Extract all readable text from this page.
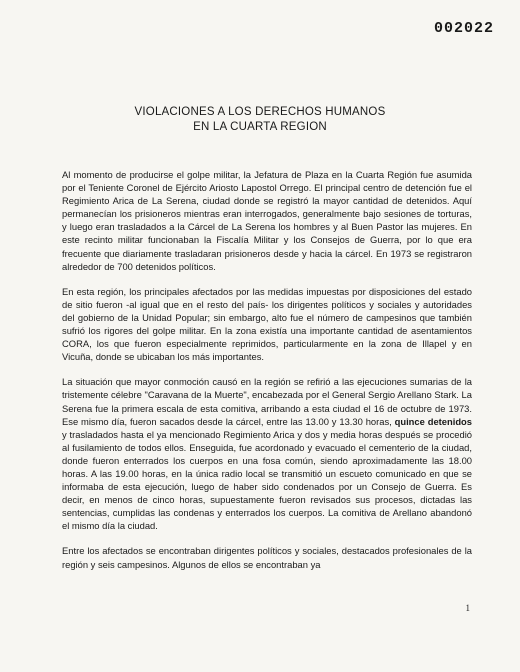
002022
VIOLACIONES A LOS DERECHOS HUMANOS
EN LA CUARTA REGION

Al momento de producirse el golpe militar, la Jefatura de Plaza en la Cuarta Región fue asumida por el Teniente Coronel de Ejército Ariosto Lapostol Orrego. El principal centro de detención fue el Regimiento Arica de La Serena, ciudad donde se registró la mayor cantidad de detenidos. Aquí permanecían los prisioneros mientras eran interrogados, generalmente bajo sesiones de torturas, y luego eran trasladados a la Cárcel de La Serena los hombres y al Buen Pastor las mujeres. En este recinto militar funcionaban la Fiscalía Militar y los Consejos de Guerra, por lo que era frecuente que diariamente trasladaran prisioneros desde y hacia la cárcel. En 1973 se registraron alrededor de 700 detenidos políticos.

En esta región, los principales afectados por las medidas impuestas por disposiciones del estado de sitio fueron -al igual que en el resto del país- los dirigentes políticos y sociales y autoridades del gobierno de la Unidad Popular; sin embargo, alto fue el número de campesinos que también sufrió los rigores del golpe militar. En la zona existía una importante cantidad de asentamientos CORA, los que fueron especialmente reprimidos, particularmente en la zona de Illapel y en Vicuña, donde se ubicaban los más importantes.

La situación que mayor conmoción causó en la región se refirió a las ejecuciones sumarias de la tristemente célebre "Caravana de la Muerte", encabezada por el General Sergio Arellano Stark. La Serena fue la primera escala de esta comitiva, arribando a esta ciudad el 16 de octubre de 1973. Ese mismo día, fueron sacados desde la cárcel, entre las 13.00 y 13.30 horas, quince detenidos y trasladados hasta el ya mencionado Regimiento Arica y dos y media horas después se procedió al fusilamiento de todos ellos. Enseguida, fue acordonado y evacuado el cementerio de la ciudad, donde fueron enterrados los cuerpos en una fosa común, siendo aproximadamente las 18.00 horas. A las 19.00 horas, en la única radio local se transmitió un escueto comunicado en que se informaba de esta ejecución, luego de haber sido condenados por un Consejo de Guerra. Es decir, en menos de cinco horas, supuestamente fueron revisados sus procesos, dictadas las sentencias, cumplidas las condenas y enterrados los cuerpos. La comitiva de Arellano abandonó el mismo día la ciudad.

Entre los afectados se encontraban dirigentes políticos y sociales, destacados profesionales de la región y seis campesinos. Algunos de ellos se encontraban ya

1
